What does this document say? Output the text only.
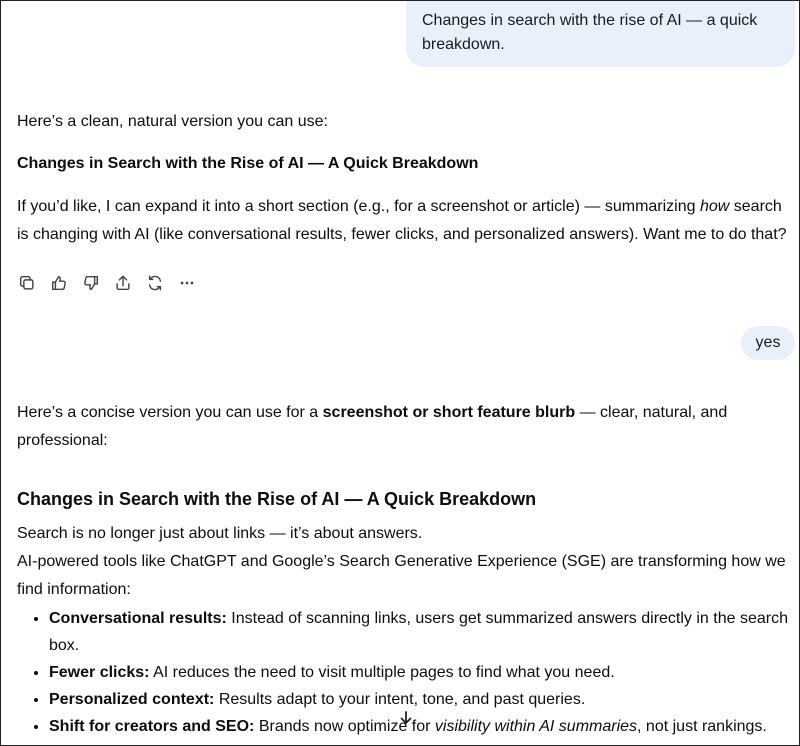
Changes in search with the rise of AI — a quick breakdown.

Here’s a clean, natural version you can use:

Changes in Search with the Rise of AI — A Quick Breakdown

If you’d like, I can expand it into a short section (e.g., for a screenshot or article) — summarizing how search is changing with AI (like conversational results, fewer clicks, and personalized answers). Want me to do that?

yes

Here’s a concise version you can use for a screenshot or short feature blurb — clear, natural, and professional:

Changes in Search with the Rise of AI — A Quick Breakdown

Search is no longer just about links — it’s about answers.

AI-powered tools like ChatGPT and Google’s Search Generative Experience (SGE) are transforming how we find information:

• Conversational results: Instead of scanning links, users get summarized answers directly in the search box.
• Fewer clicks: AI reduces the need to visit multiple pages to find what you need.
• Personalized context: Results adapt to your intent, tone, and past queries.
• Shift for creators and SEO: Brands now optimize for visibility within AI summaries, not just rankings.
